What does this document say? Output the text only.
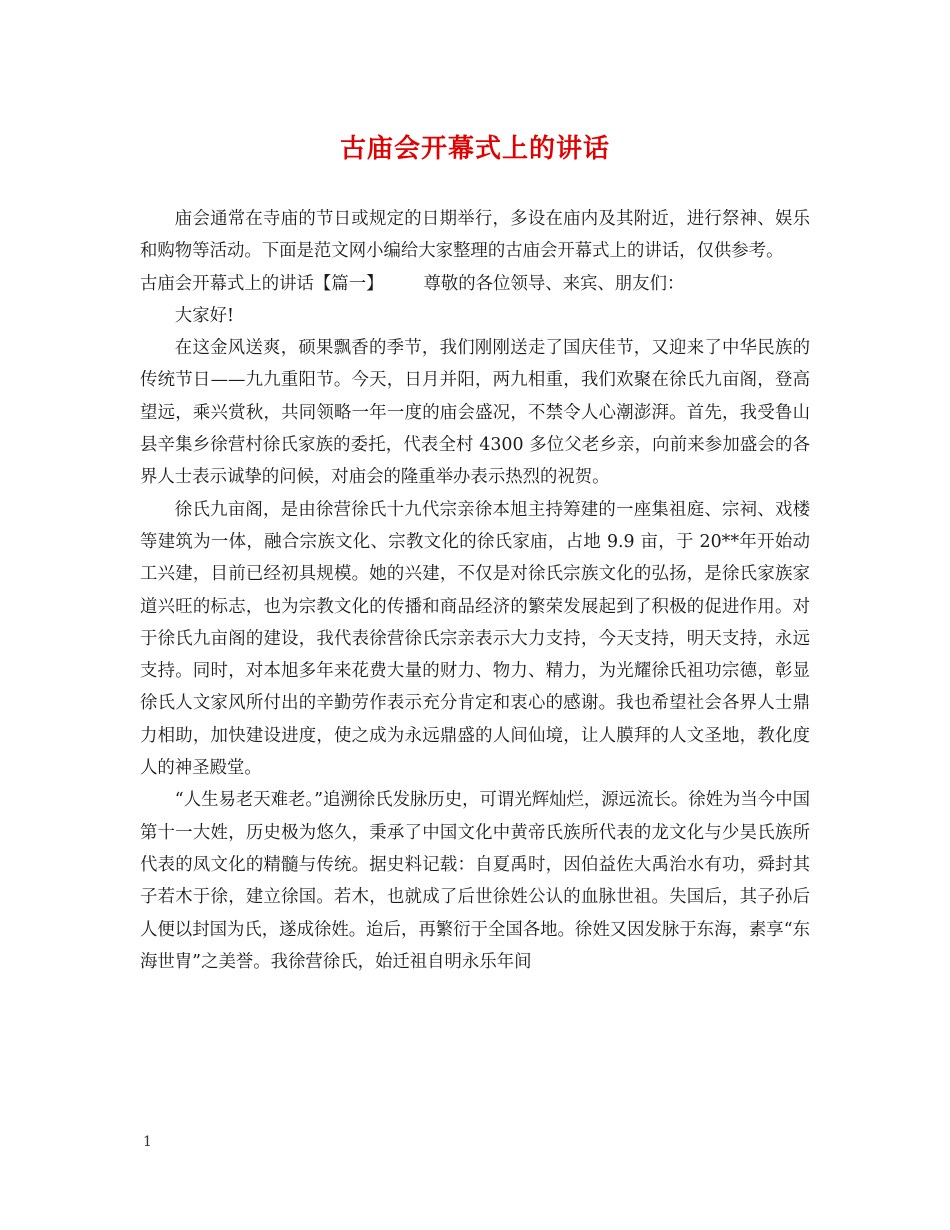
古庙会开幕式上的讲话

庙会通常在寺庙的节日或规定的日期举行，多设在庙内及其附近，进行祭神、娱乐和购物等活动。下面是范文网小编给大家整理的古庙会开幕式上的讲话，仅供参考。

古庙会开幕式上的讲话【篇一】 尊敬的各位领导、来宾、朋友们：

大家好!

在这金风送爽，硕果飘香的季节，我们刚刚送走了国庆佳节，又迎来了中华民族的传统节日——九九重阳节。今天，日月并阳，两九相重，我们欢聚在徐氏九亩阁，登高望远，乘兴赏秋，共同领略一年一度的庙会盛况，不禁令人心潮澎湃。首先，我受鲁山县辛集乡徐营村徐氏家族的委托，代表全村 4300 多位父老乡亲，向前来参加盛会的各界人士表示诚挚的问候，对庙会的隆重举办表示热烈的祝贺。

徐氏九亩阁，是由徐营徐氏十九代宗亲徐本旭主持筹建的一座集祖庭、宗祠、戏楼等建筑为一体，融合宗族文化、宗教文化的徐氏家庙，占地 9.9 亩，于 20**年开始动工兴建，目前已经初具规模。她的兴建，不仅是对徐氏宗族文化的弘扬，是徐氏家族家道兴旺的标志，也为宗教文化的传播和商品经济的繁荣发展起到了积极的促进作用。对于徐氏九亩阁的建设，我代表徐营徐氏宗亲表示大力支持，今天支持，明天支持，永远支持。同时，对本旭多年来花费大量的财力、物力、精力，为光耀徐氏祖功宗德，彰显徐氏人文家风所付出的辛勤劳作表示充分肯定和衷心的感谢。我也希望社会各界人士鼎力相助，加快建设进度，使之成为永远鼎盛的人间仙境，让人膜拜的人文圣地，教化度人的神圣殿堂。

“人生易老天难老。”追溯徐氏发脉历史，可谓光辉灿烂，源远流长。徐姓为当今中国第十一大姓，历史极为悠久，秉承了中国文化中黄帝氏族所代表的龙文化与少昊氏族所代表的凤文化的精髓与传统。据史料记载：自夏禹时，因伯益佐大禹治水有功，舜封其子若木于徐，建立徐国。若木，也就成了后世徐姓公认的血脉世祖。失国后，其子孙后人便以封国为氏，遂成徐姓。迨后，再繁衍于全国各地。徐姓又因发脉于东海，素享“东海世胄”之美誉。我徐营徐氏，始迁祖自明永乐年间

1
